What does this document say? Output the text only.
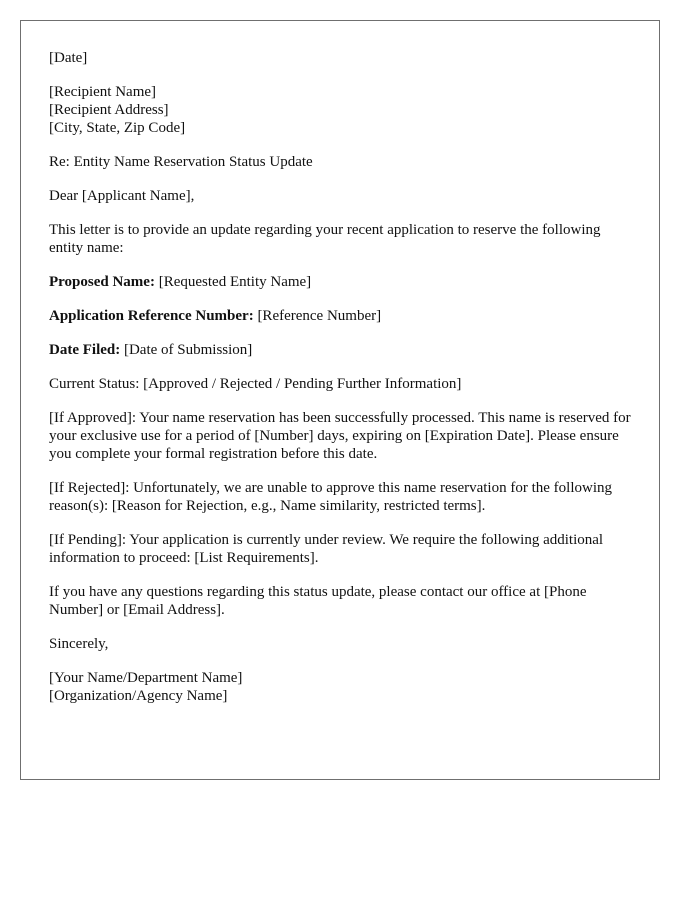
[Date]

[Recipient Name]
[Recipient Address]
[City, State, Zip Code]

Re: Entity Name Reservation Status Update

Dear [Applicant Name],

This letter is to provide an update regarding your recent application to reserve the following entity name:

Proposed Name: [Requested Entity Name]

Application Reference Number: [Reference Number]

Date Filed: [Date of Submission]

Current Status: [Approved / Rejected / Pending Further Information]

[If Approved]: Your name reservation has been successfully processed. This name is reserved for your exclusive use for a period of [Number] days, expiring on [Expiration Date]. Please ensure you complete your formal registration before this date.

[If Rejected]: Unfortunately, we are unable to approve this name reservation for the following reason(s): [Reason for Rejection, e.g., Name similarity, restricted terms].

[If Pending]: Your application is currently under review. We require the following additional information to proceed: [List Requirements].

If you have any questions regarding this status update, please contact our office at [Phone Number] or [Email Address].

Sincerely,

[Your Name/Department Name]
[Organization/Agency Name]
